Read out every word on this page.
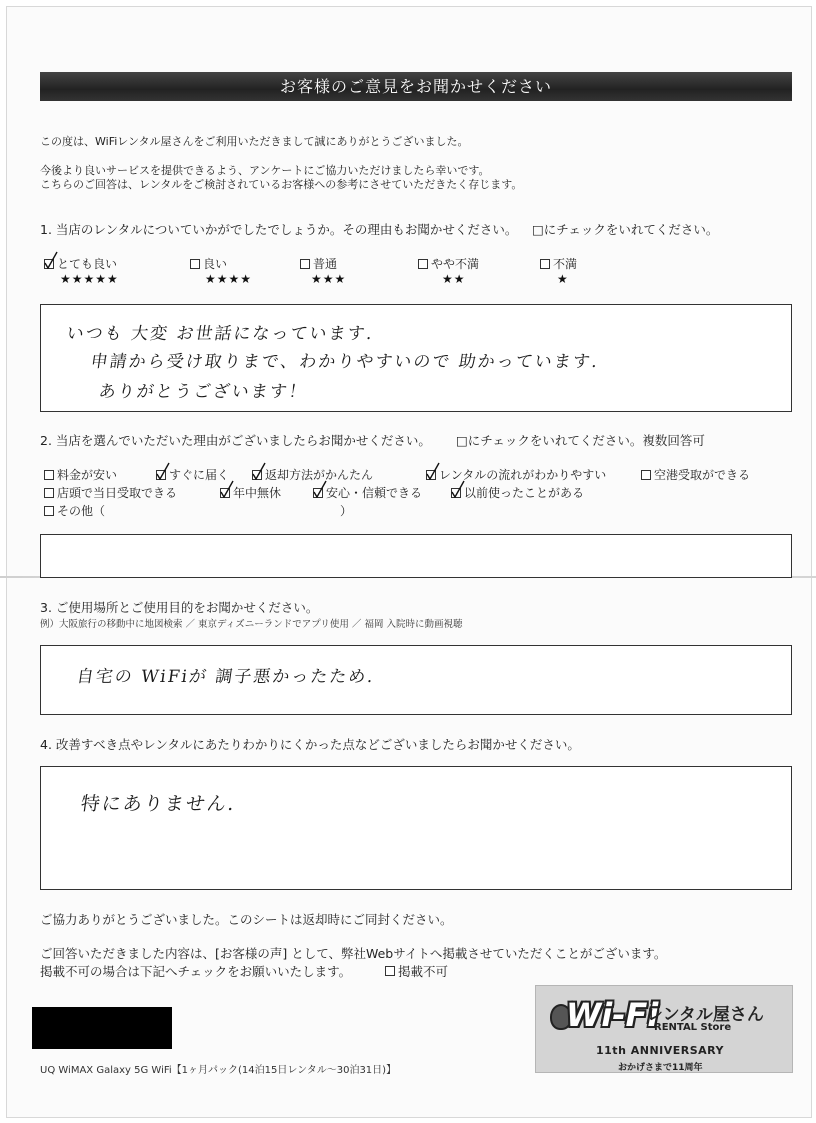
お客様のご意見をお聞かせください
この度は、WiFiレンタル屋さんをご利用いただきまして誠にありがとうございました。
今後より良いサービスを提供できるよう、アンケートにご協力いただけましたら幸いです。
こちらのご回答は、レンタルをご検討されているお客様への参考にさせていただきたく存じます。
1. 当店のレンタルについていかがでしたでしょうか。その理由もお聞かせください。 □にチェックをいれてください。
とても良い
★★★★★
良い
★★★★
普通
★★★
やや不満
★★
不満
★
いつも 大変 お世話になっています.
申請から受け取りまで、わかりやすいので 助かっています.
ありがとうございます！
2. 当店を選んでいただいた理由がございましたらお聞かせください。 □にチェックをいれてください。複数回答可
料金が安い	すぐに届く	返却方法がかんたん	レンタルの流れがわかりやすい	空港受取ができる
店頭で当日受取できる	年中無休	安心・信頼できる	以前使ったことがある
その他（	）
3. ご使用場所とご使用目的をお聞かせください。
例）大阪旅行の移動中に地図検索 ／ 東京ディズニーランドでアプリ使用 ／ 福岡 入院時に動画視聴
自宅の WiFiが 調子悪かったため.
4. 改善すべき点やレンタルにあたりわかりにくかった点などございましたらお聞かせください。
特にありません.
ご協力ありがとうございました。このシートは返却時にご同封ください。
ご回答いただきました内容は、[お客様の声] として、弊社Webサイトへ掲載させていただくことがございます。
掲載不可の場合は下記へチェックをお願いいたします。	掲載不可
UQ WiMAX Galaxy 5G WiFi【1ヶ月パック(14泊15日レンタル～30泊31日)】
Wi-Fi
レンタル屋さん
RENTAL Store
11th ANNIVERSARY
おかげさまで11周年
